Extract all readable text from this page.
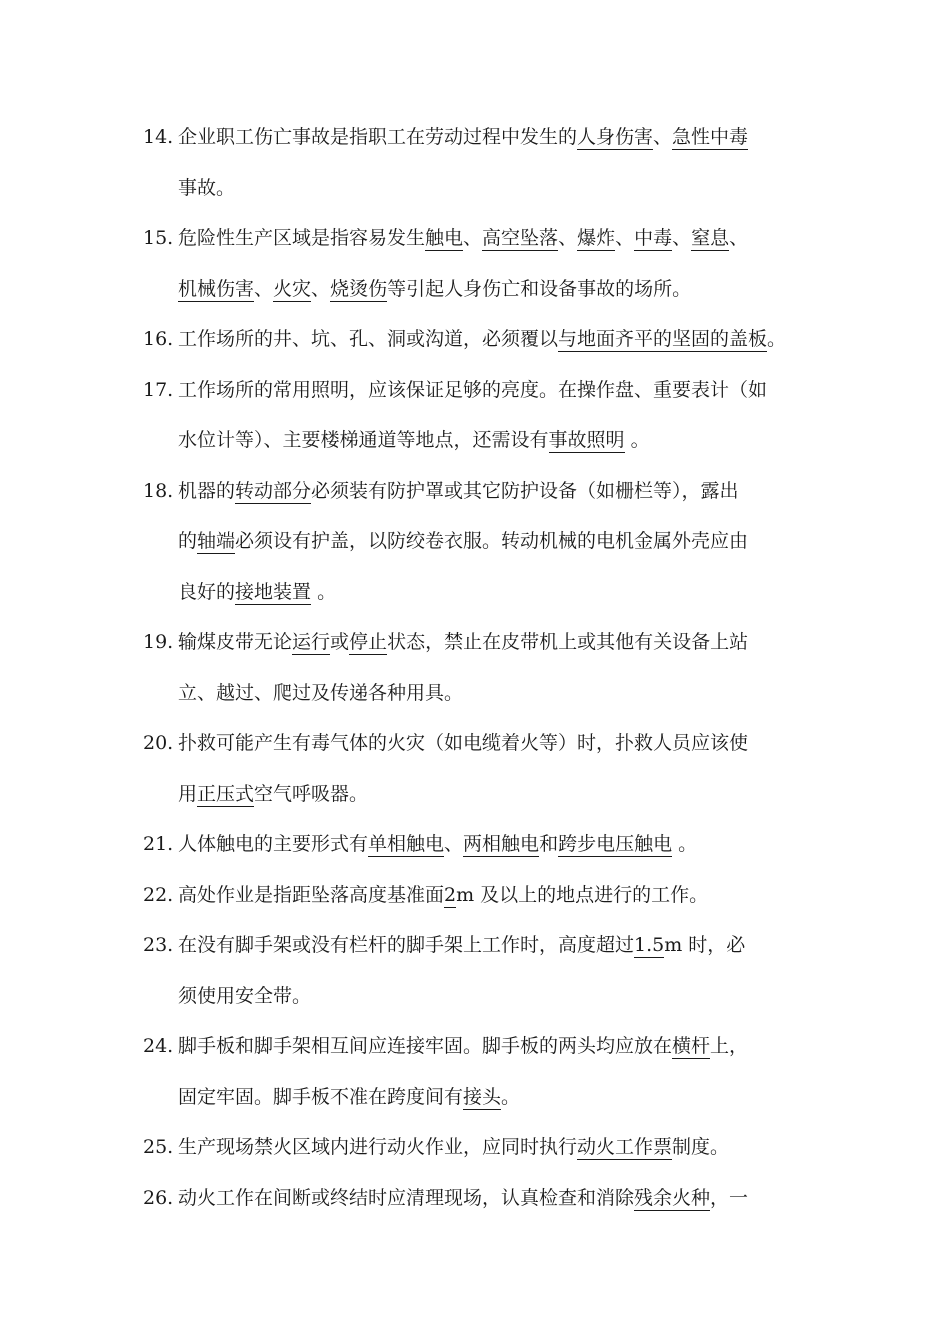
14. 企业职工伤亡事故是指职工在劳动过程中发生的人身伤害、急性中毒
事故。
15. 危险性生产区域是指容易发生触电、高空坠落、爆炸、中毒、窒息、
机械伤害、火灾、烧烫伤等引起人身伤亡和设备事故的场所。
16. 工作场所的井、坑、孔、洞或沟道，必须覆以与地面齐平的坚固的盖板。
17. 工作场所的常用照明，应该保证足够的亮度。在操作盘、重要表计（如
水位计等）、主要楼梯通道等地点，还需设有事故照明 。
18. 机器的转动部分必须装有防护罩或其它防护设备（如栅栏等），露出
的轴端必须设有护盖，以防绞卷衣服。转动机械的电机金属外壳应由
良好的接地装置 。
19. 输煤皮带无论运行或停止状态，禁止在皮带机上或其他有关设备上站
立、越过、爬过及传递各种用具。
20. 扑救可能产生有毒气体的火灾（如电缆着火等）时，扑救人员应该使
用正压式空气呼吸器。
21. 人体触电的主要形式有单相触电、两相触电和跨步电压触电 。
22. 高处作业是指距坠落高度基准面2m 及以上的地点进行的工作。
23. 在没有脚手架或没有栏杆的脚手架上工作时，高度超过1.5m 时，必
须使用安全带。
24. 脚手板和脚手架相互间应连接牢固。脚手板的两头均应放在横杆上，
固定牢固。脚手板不准在跨度间有接头。
25. 生产现场禁火区域内进行动火作业，应同时执行动火工作票制度。
26. 动火工作在间断或终结时应清理现场，认真检查和消除残余火种，一
